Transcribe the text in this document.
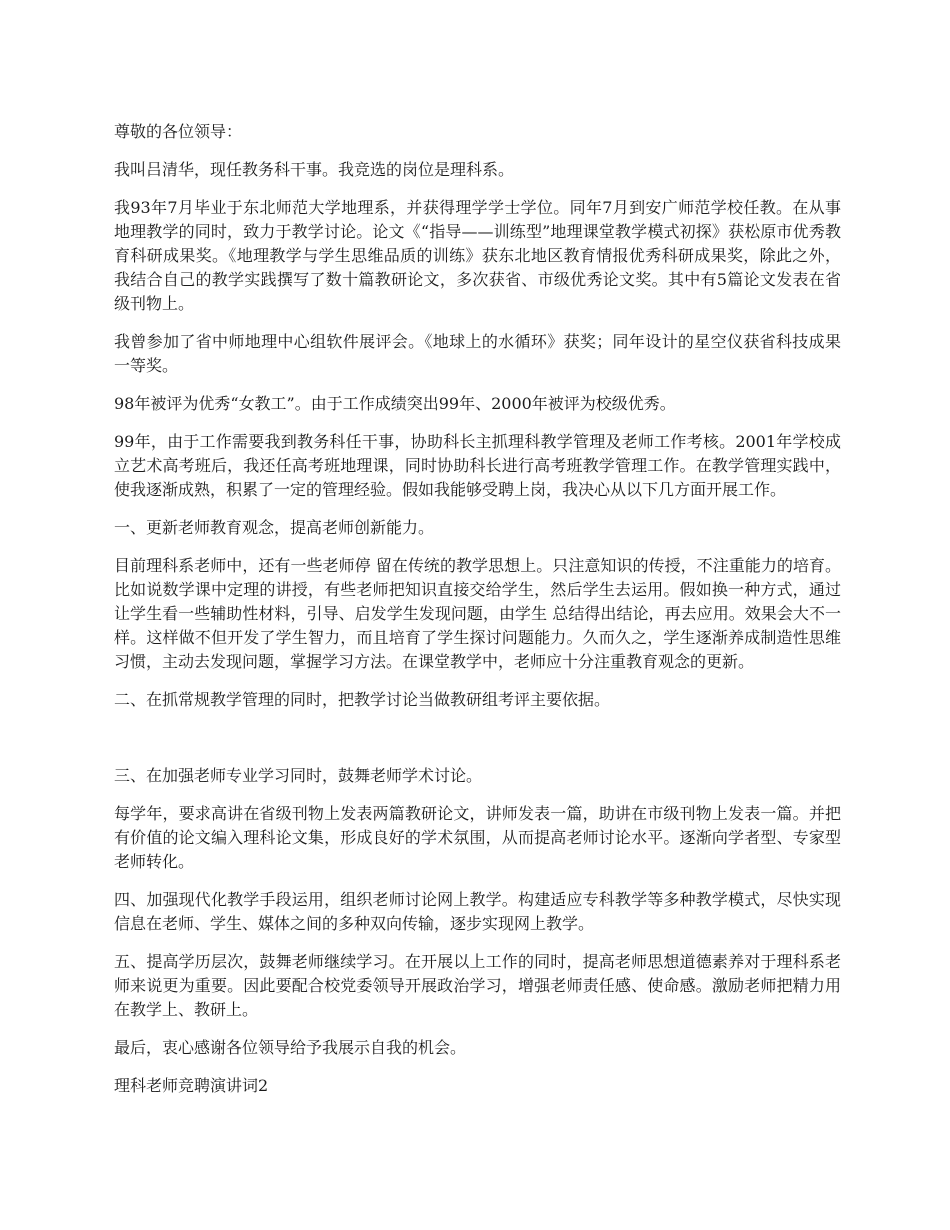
尊敬的各位领导：

我叫吕清华，现任教务科干事。我竞选的岗位是理科系。

我93年7月毕业于东北师范大学地理系，并获得理学学士学位。同年7月到安广师范学校任教。在从事地理教学的同时，致力于教学讨论。论文《“指导——训练型”地理课堂教学模式初探》获松原市优秀教育科研成果奖。《地理教学与学生思维品质的训练》获东北地区教育情报优秀科研成果奖，除此之外，我结合自己的教学实践撰写了数十篇教研论文，多次获省、市级优秀论文奖。其中有5篇论文发表在省级刊物上。

我曾参加了省中师地理中心组软件展评会。《地球上的水循环》获奖；同年设计的星空仪获省科技成果一等奖。

98年被评为优秀“女教工”。由于工作成绩突出99年、2000年被评为校级优秀。

99年，由于工作需要我到教务科任干事，协助科长主抓理科教学管理及老师工作考核。2001年学校成立艺术高考班后，我还任高考班地理课，同时协助科长进行高考班教学管理工作。在教学管理实践中，使我逐渐成熟，积累了一定的管理经验。假如我能够受聘上岗，我决心从以下几方面开展工作。

一、更新老师教育观念，提高老师创新能力。

目前理科系老师中，还有一些老师停 留在传统的教学思想上。只注意知识的传授，不注重能力的培育。比如说数学课中定理的讲授，有些老师把知识直接交给学生，然后学生去运用。假如换一种方式，通过让学生看一些辅助性材料，引导、启发学生发现问题，由学生 总结得出结论，再去应用。效果会大不一样。这样做不但开发了学生智力，而且培育了学生探讨问题能力。久而久之，学生逐渐养成制造性思维习惯，主动去发现问题，掌握学习方法。在课堂教学中，老师应十分注重教育观念的更新。

二、在抓常规教学管理的同时，把教学讨论当做教研组考评主要依据。

三、在加强老师专业学习同时，鼓舞老师学术讨论。

每学年，要求高讲在省级刊物上发表两篇教研论文，讲师发表一篇，助讲在市级刊物上发表一篇。并把有价值的论文编入理科论文集，形成良好的学术氛围，从而提高老师讨论水平。逐渐向学者型、专家型老师转化。

四、加强现代化教学手段运用，组织老师讨论网上教学。构建适应专科教学等多种教学模式，尽快实现信息在老师、学生、媒体之间的多种双向传输，逐步实现网上教学。

五、提高学历层次，鼓舞老师继续学习。在开展以上工作的同时，提高老师思想道德素养对于理科系老师来说更为重要。因此要配合校党委领导开展政治学习，增强老师责任感、使命感。激励老师把精力用在教学上、教研上。

最后，衷心感谢各位领导给予我展示自我的机会。

理科老师竞聘演讲词2
